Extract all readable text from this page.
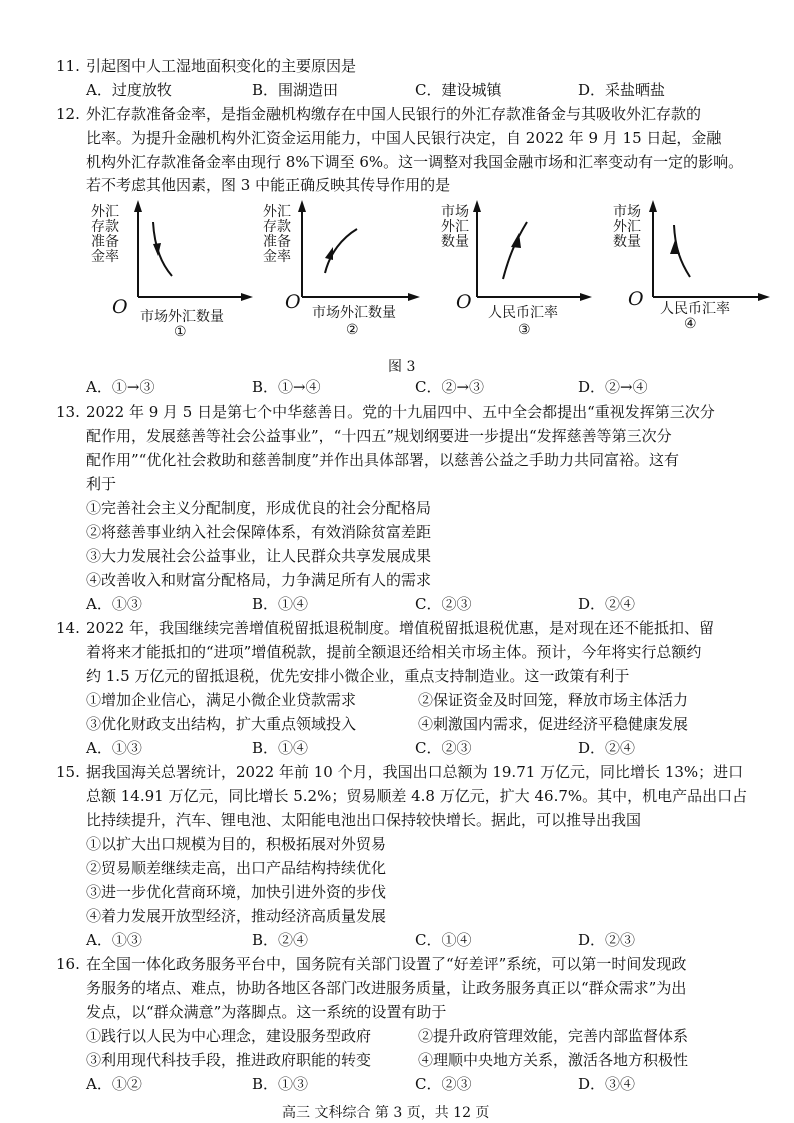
11. 引起图中人工湿地面积变化的主要原因是
A．过度放牧	B．围湖造田	C．建设城镇	D．采盐晒盐
12. 外汇存款准备金率，是指金融机构缴存在中国人民银行的外汇存款准备金与其吸收外汇存款的
比率。为提升金融机构外汇资金运用能力，中国人民银行决定，自 2022 年 9 月 15 日起，金融
机构外汇存款准备金率由现行 8%下调至 6%。这一调整对我国金融市场和汇率变动有一定的影响。
若不考虑其他因素，图 3 中能正确反映其传导作用的是
外汇
存款
准备
金率
O 市场外汇数量
①
外汇
存款
准备
金率
O 市场外汇数量
②
市场
外汇
数量
O 人民币汇率
③
市场
外汇
数量
O 人民币汇率
④
图 3
A．①→③	B．①→④	C．②→③	D．②→④
13. 2022 年 9 月 5 日是第七个中华慈善日。党的十九届四中、五中全会都提出“重视发挥第三次分
配作用，发展慈善等社会公益事业”，“十四五”规划纲要进一步提出“发挥慈善等第三次分
配作用”“优化社会救助和慈善制度”并作出具体部署，以慈善公益之手助力共同富裕。这有
利于
①完善社会主义分配制度，形成优良的社会分配格局
②将慈善事业纳入社会保障体系，有效消除贫富差距
③大力发展社会公益事业，让人民群众共享发展成果
④改善收入和财富分配格局，力争满足所有人的需求
A．①③	B．①④	C．②③	D．②④
14. 2022 年，我国继续完善增值税留抵退税制度。增值税留抵退税优惠，是对现在还不能抵扣、留
着将来才能抵扣的“进项”增值税款，提前全额退还给相关市场主体。预计，今年将实行总额约
约 1.5 万亿元的留抵退税，优先安排小微企业，重点支持制造业。这一政策有利于
①增加企业信心，满足小微企业贷款需求	②保证资金及时回笼，释放市场主体活力
③优化财政支出结构，扩大重点领域投入	④刺激国内需求，促进经济平稳健康发展
A．①③	B．①④	C．②③	D．②④
15. 据我国海关总署统计，2022 年前 10 个月，我国出口总额为 19.71 万亿元，同比增长 13%；进口
总额 14.91 万亿元，同比增长 5.2%；贸易顺差 4.8 万亿元，扩大 46.7%。其中，机电产品出口占
比持续提升，汽车、锂电池、太阳能电池出口保持较快增长。据此，可以推导出我国
①以扩大出口规模为目的，积极拓展对外贸易
②贸易顺差继续走高，出口产品结构持续优化
③进一步优化营商环境，加快引进外资的步伐
④着力发展开放型经济，推动经济高质量发展
A．①③	B．②④	C．①④	D．②③
16. 在全国一体化政务服务平台中，国务院有关部门设置了“好差评”系统，可以第一时间发现政
务服务的堵点、难点，协助各地区各部门改进服务质量，让政务服务真正以“群众需求”为出
发点，以“群众满意”为落脚点。这一系统的设置有助于
①践行以人民为中心理念，建设服务型政府	②提升政府管理效能，完善内部监督体系
③利用现代科技手段，推进政府职能的转变	④理顺中央地方关系，激活各地方积极性
A．①②	B．①③	C．②③	D．③④
高三 文科综合 第 3 页，共 12 页
